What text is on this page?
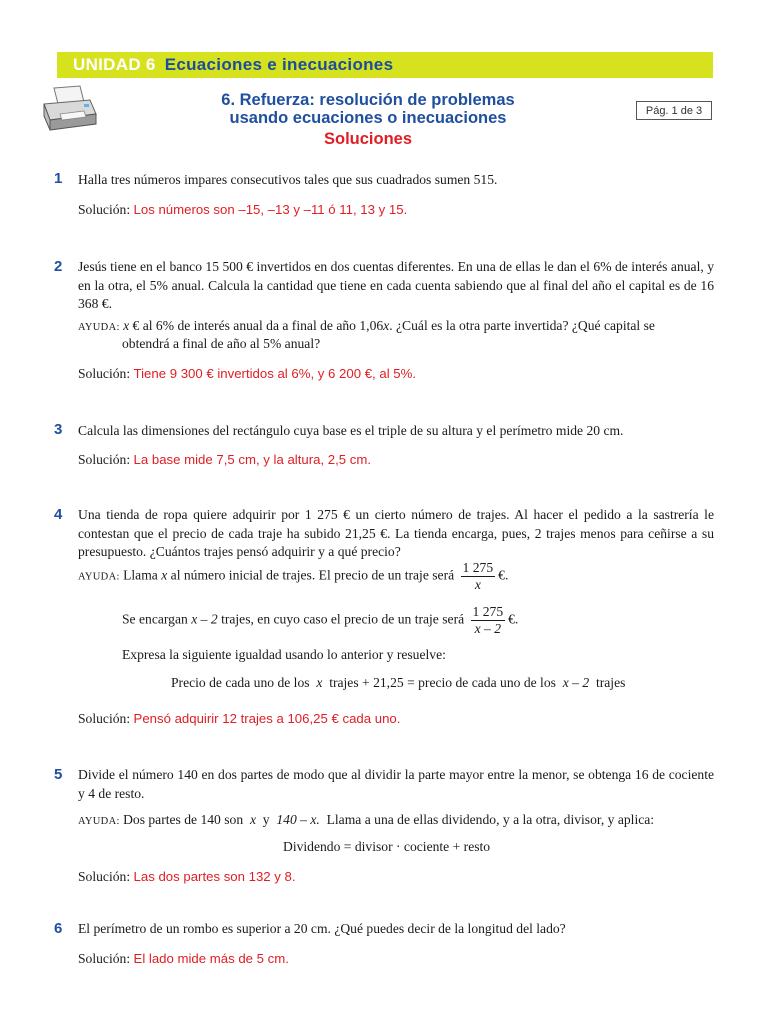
UNIDAD 6 Ecuaciones e inecuaciones
6. Refuerza: resolución de problemas
usando ecuaciones o inecuaciones
Soluciones
Pág. 1 de 3
1 Halla tres números impares consecutivos tales que sus cuadrados sumen 515.
Solución: Los números son –15, –13 y –11 ó 11, 13 y 15.
2 Jesús tiene en el banco 15 500 € invertidos en dos cuentas diferentes. En una de ellas le dan el 6% de interés anual, y en la otra, el 5% anual. Calcula la cantidad que tiene en cada cuenta sabiendo que al final del año el capital es de 16 368 €.
AYUDA: x € al 6% de interés anual da a final de año 1,06x. ¿Cuál es la otra parte invertida? ¿Qué capital se
obtendrá a final de año al 5% anual?
Solución: Tiene 9 300 € invertidos al 6%, y 6 200 €, al 5%.
3 Calcula las dimensiones del rectángulo cuya base es el triple de su altura y el perímetro mide 20 cm.
Solución: La base mide 7,5 cm, y la altura, 2,5 cm.
4 Una tienda de ropa quiere adquirir por 1 275 € un cierto número de trajes. Al hacer el pedido a la sastrería le contestan que el precio de cada traje ha subido 21,25 €. La tienda encarga, pues, 2 trajes menos para ceñirse a su presupuesto. ¿Cuántos trajes pensó adquirir y a qué precio?
AYUDA: Llama x al número inicial de trajes. El precio de un traje será $\frac{1 275}{x}$ €.
Se encargan x – 2 trajes, en cuyo caso el precio de un traje será $\frac{1 275}{x - 2}$ €.
Expresa la siguiente igualdad usando lo anterior y resuelve:
Precio de cada uno de los x trajes + 21,25 = precio de cada uno de los x – 2 trajes
Solución: Pensó adquirir 12 trajes a 106,25 € cada uno.
5 Divide el número 140 en dos partes de modo que al dividir la parte mayor entre la menor, se obtenga 16 de cociente y 4 de resto.
AYUDA: Dos partes de 140 son x y 140 – x. Llama a una de ellas dividendo, y a la otra, divisor, y aplica:
Dividendo = divisor · cociente + resto
Solución: Las dos partes son 132 y 8.
6 El perímetro de un rombo es superior a 20 cm. ¿Qué puedes decir de la longitud del lado?
Solución: El lado mide más de 5 cm.
